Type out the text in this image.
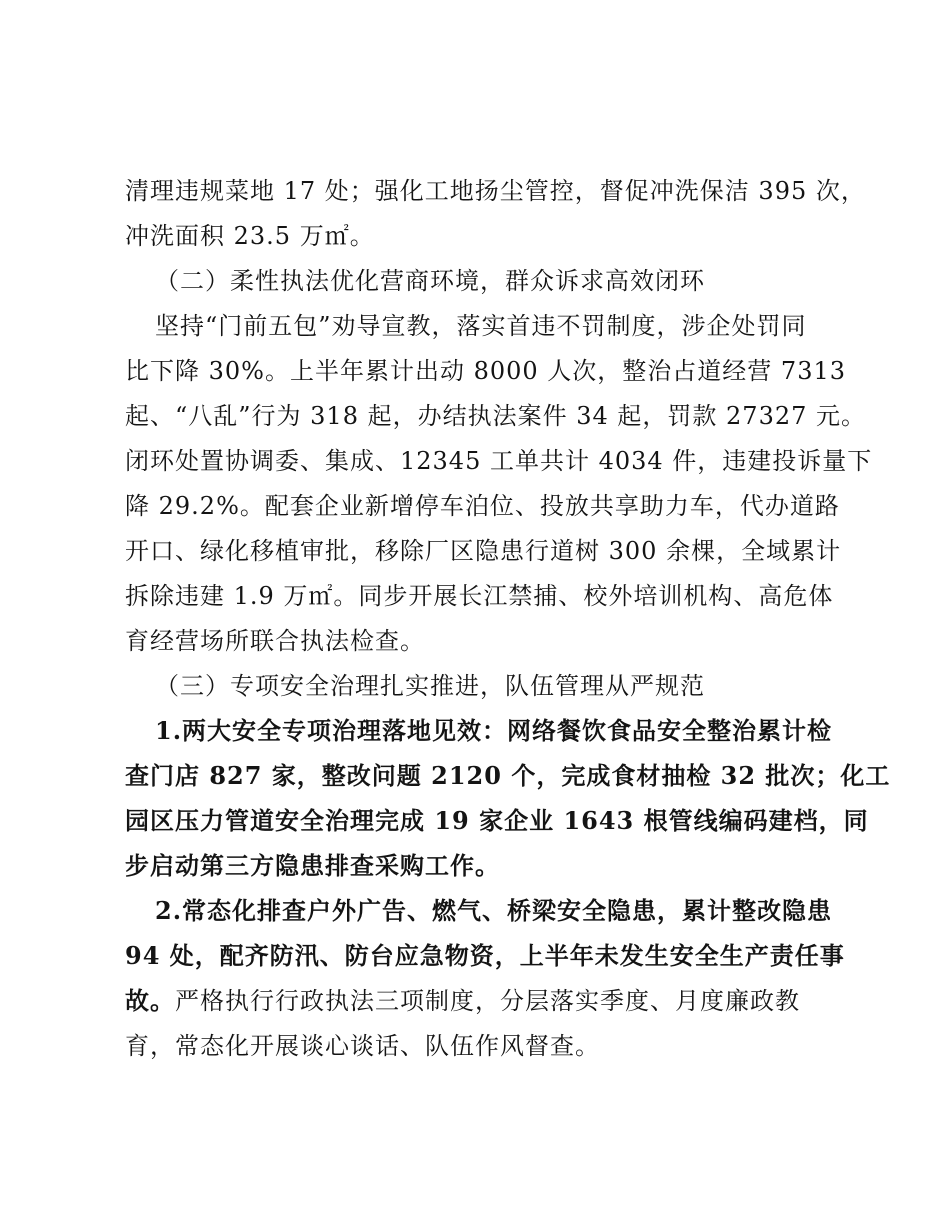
清理违规菜地 17 处；强化工地扬尘管控，督促冲洗保洁 395 次，
冲洗面积 23.5 万㎡。
（二）柔性执法优化营商环境，群众诉求高效闭环
坚持“门前五包”劝导宣教，落实首违不罚制度，涉企处罚同
比下降 30%。上半年累计出动 8000 人次，整治占道经营 7313
起、“八乱”行为 318 起，办结执法案件 34 起，罚款 27327 元。
闭环处置协调委、集成、12345 工单共计 4034 件，违建投诉量下
降 29.2%。配套企业新增停车泊位、投放共享助力车，代办道路
开口、绿化移植审批，移除厂区隐患行道树 300 余棵，全域累计
拆除违建 1.9 万㎡。同步开展长江禁捕、校外培训机构、高危体
育经营场所联合执法检查。
（三）专项安全治理扎实推进，队伍管理从严规范
1.两大安全专项治理落地见效：网络餐饮食品安全整治累计检
查门店 827 家，整改问题 2120 个，完成食材抽检 32 批次；化工
园区压力管道安全治理完成 19 家企业 1643 根管线编码建档，同
步启动第三方隐患排查采购工作。
2.常态化排查户外广告、燃气、桥梁安全隐患，累计整改隐患
94 处，配齐防汛、防台应急物资，上半年未发生安全生产责任事
故。严格执行行政执法三项制度，分层落实季度、月度廉政教
育，常态化开展谈心谈话、队伍作风督查。
